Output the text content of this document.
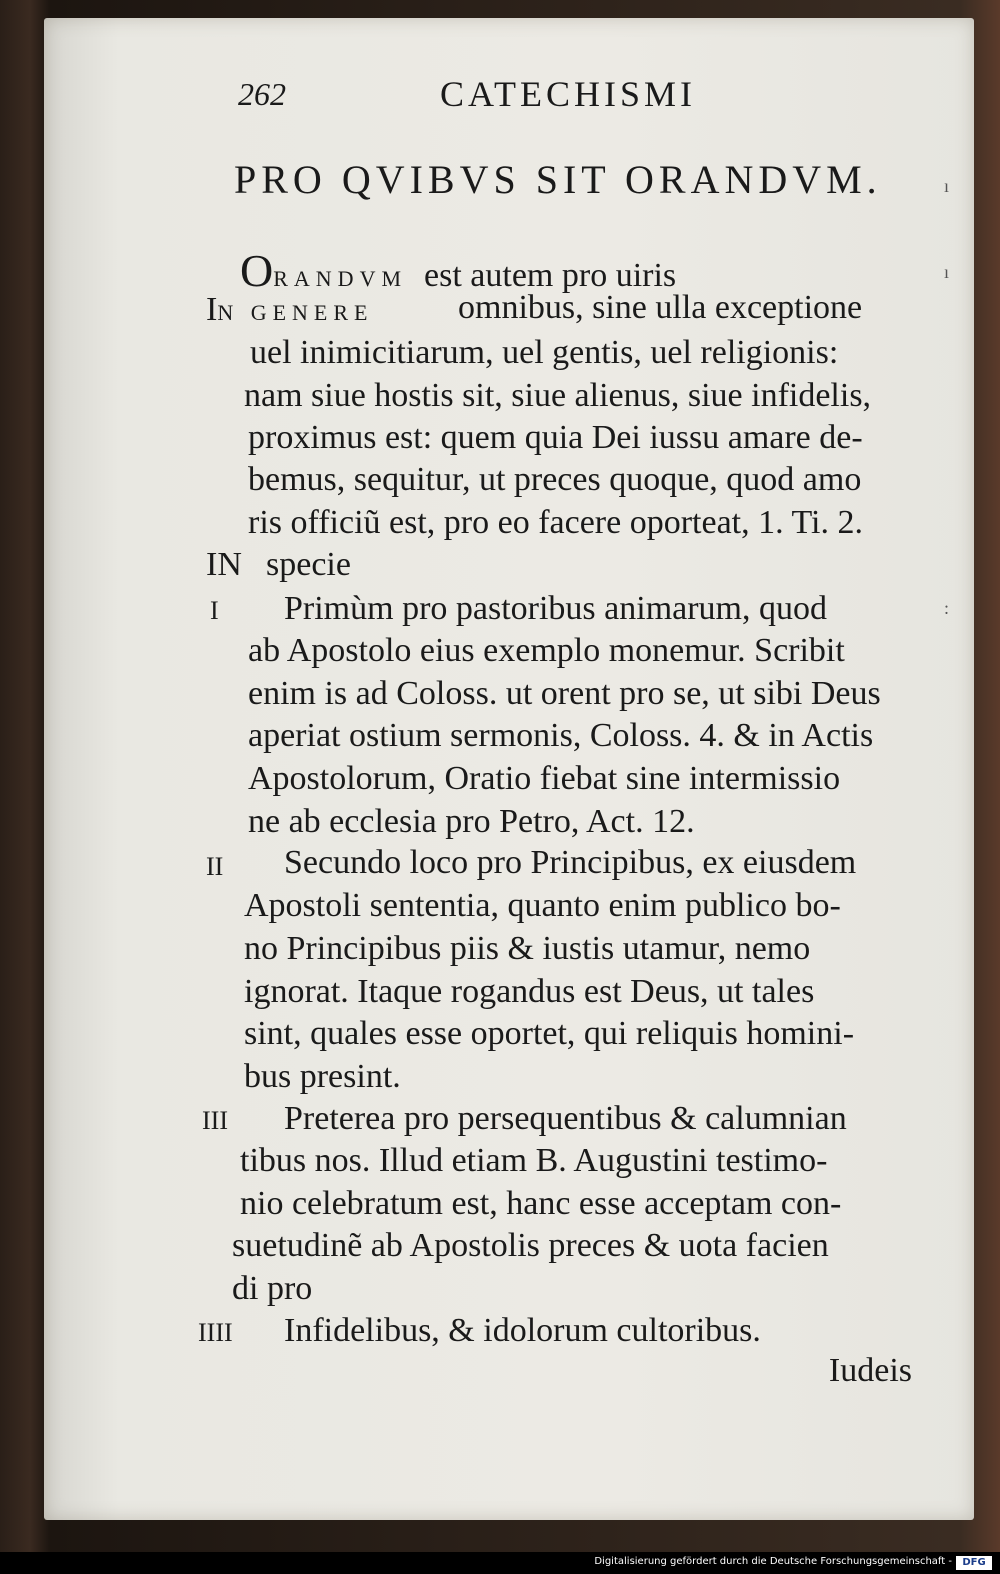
262	CATECHISMI
PRO QVIBVS SIT ORANDVM.
ORANDVM est autem pro uiris
IN GENERE omnibus, sine ulla exceptione
uel inimicitiarum, uel gentis, uel religionis:
nam siue hostis sit, siue alienus, siue infidelis,
proximus est: quem quia Dei iussu amare de-
bemus, sequitur, ut preces quoque, quod amo
ris officiũ est, pro eo facere oporteat, 1. Ti. 2.
IN specie
I Primùm pro pastoribus animarum, quod
ab Apostolo eius exemplo monemur. Scribit
enim is ad Coloss. ut orent pro se, ut sibi Deus
aperiat ostium sermonis, Coloss. 4. & in Actis
Apostolorum, Oratio fiebat sine intermissio
ne ab ecclesia pro Petro, Act. 12.
II Secundo loco pro Principibus, ex eiusdem
Apostoli sententia, quanto enim publico bo-
no Principibus piis & iustis utamur, nemo
ignorat. Itaque rogandus est Deus, ut tales
sint, quales esse oportet, qui reliquis homini-
bus presint.
III Preterea pro persequentibus & calumnian
tibus nos. Illud etiam B. Augustini testimo-
nio celebratum est, hanc esse acceptam con-
suetudinẽ ab Apostolis preces & uota facien
di pro
IIII Infidelibus, & idolorum cultoribus.
Iudeis
ı
ı
:
Digitalisierung gefördert durch die Deutsche Forschungsgemeinschaft -	DFG
